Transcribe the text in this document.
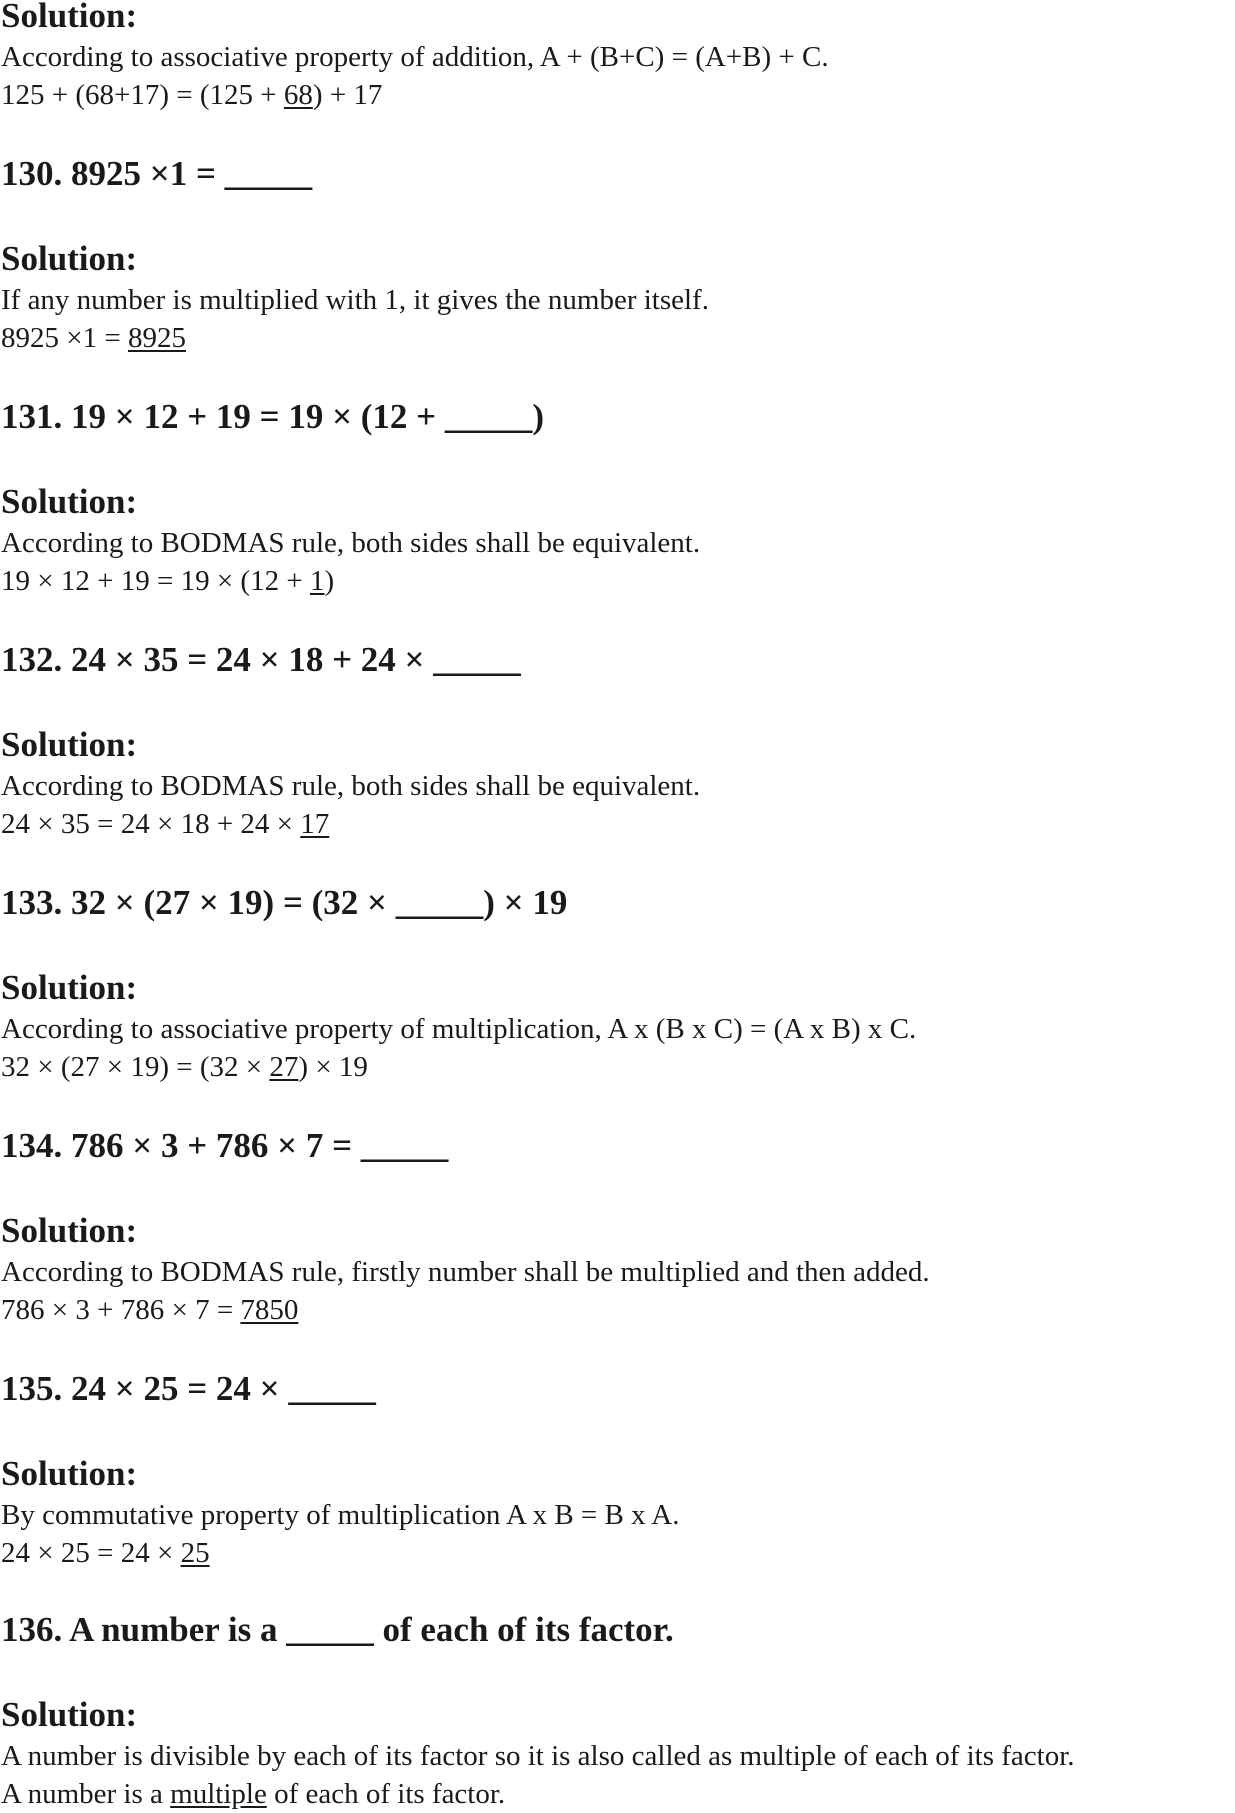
Solution:
According to associative property of addition, A + (B+C) = (A+B) + C.
125 + (68+17) = (125 + 68) + 17
130. 8925 ×1 = _____
Solution:
If any number is multiplied with 1, it gives the number itself.
8925 ×1 = 8925
131. 19 × 12 + 19 = 19 × (12 + _____)
Solution:
According to BODMAS rule, both sides shall be equivalent.
19 × 12 + 19 = 19 × (12 + 1)
132. 24 × 35 = 24 × 18 + 24 × _____
Solution:
According to BODMAS rule, both sides shall be equivalent.
24 × 35 = 24 × 18 + 24 × 17
133. 32 × (27 × 19) = (32 × _____) × 19
Solution:
According to associative property of multiplication, A x (B x C) = (A x B) x C.
32 × (27 × 19) = (32 × 27) × 19
134. 786 × 3 + 786 × 7 = _____
Solution:
According to BODMAS rule, firstly number shall be multiplied and then added.
786 × 3 + 786 × 7 = 7850
135. 24 × 25 = 24 × _____
Solution:
By commutative property of multiplication A x B = B x A.
24 × 25 = 24 × 25
136. A number is a _____ of each of its factor.
Solution:
A number is divisible by each of its factor so it is also called as multiple of each of its factor.
A number is a multiple of each of its factor.
